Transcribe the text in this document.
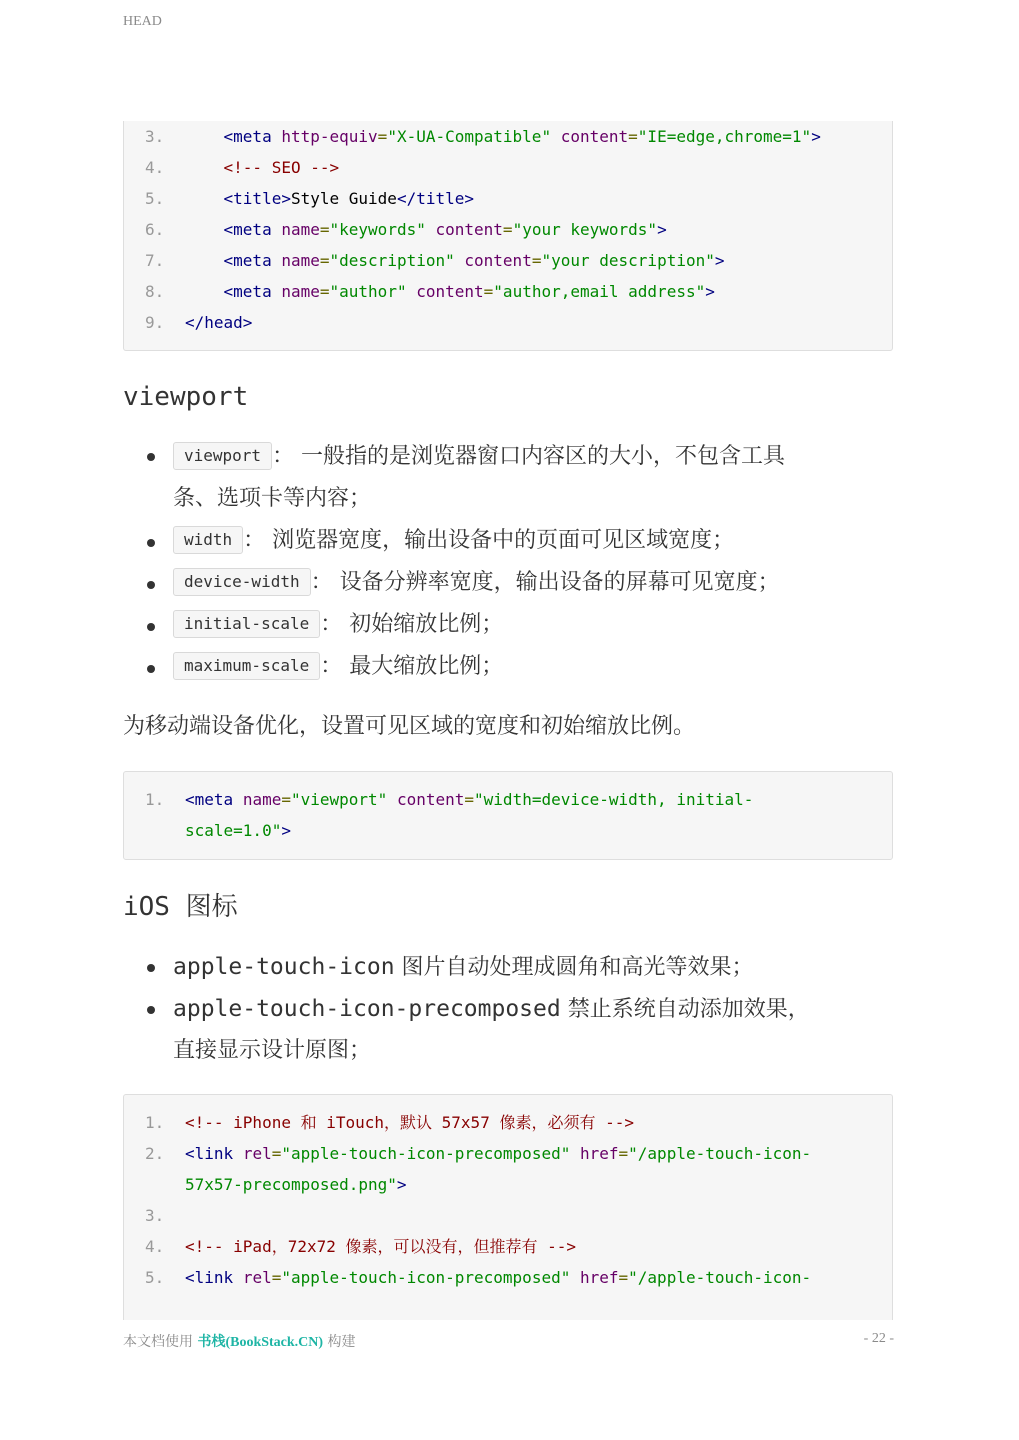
HEAD
3.	<meta http-equiv="X-UA-Compatible" content="IE=edge,chrome=1">
4.	<!-- SEO -->
5.	<title>Style Guide</title>
6.	<meta name="keywords" content="your keywords">
7.	<meta name="description" content="your description">
8.	<meta name="author" content="author,email address">
9.	</head>
viewport
viewport ： 一般指的是浏览器窗口内容区的大小，不包含工具
条、选项卡等内容；
width ： 浏览器宽度，输出设备中的页面可见区域宽度；
device-width ： 设备分辨率宽度，输出设备的屏幕可见宽度；
initial-scale ： 初始缩放比例；
maximum-scale ： 最大缩放比例；
为移动端设备优化，设置可见区域的宽度和初始缩放比例。
1.	<meta name="viewport" content="width=device-width, initial-
scale=1.0">
iOS 图标
apple-touch-icon 图片自动处理成圆角和高光等效果；
apple-touch-icon-precomposed 禁止系统自动添加效果，
直接显示设计原图；
1.	<!-- iPhone 和 iTouch，默认 57x57 像素，必须有 -->
2.	<link rel="apple-touch-icon-precomposed" href="/apple-touch-icon-
57x57-precomposed.png">
3.
4.	<!-- iPad，72x72 像素，可以没有，但推荐有 -->
5.	<link rel="apple-touch-icon-precomposed" href="/apple-touch-icon-
本文档使用 书栈(BookStack.CN) 构建	- 22 -
